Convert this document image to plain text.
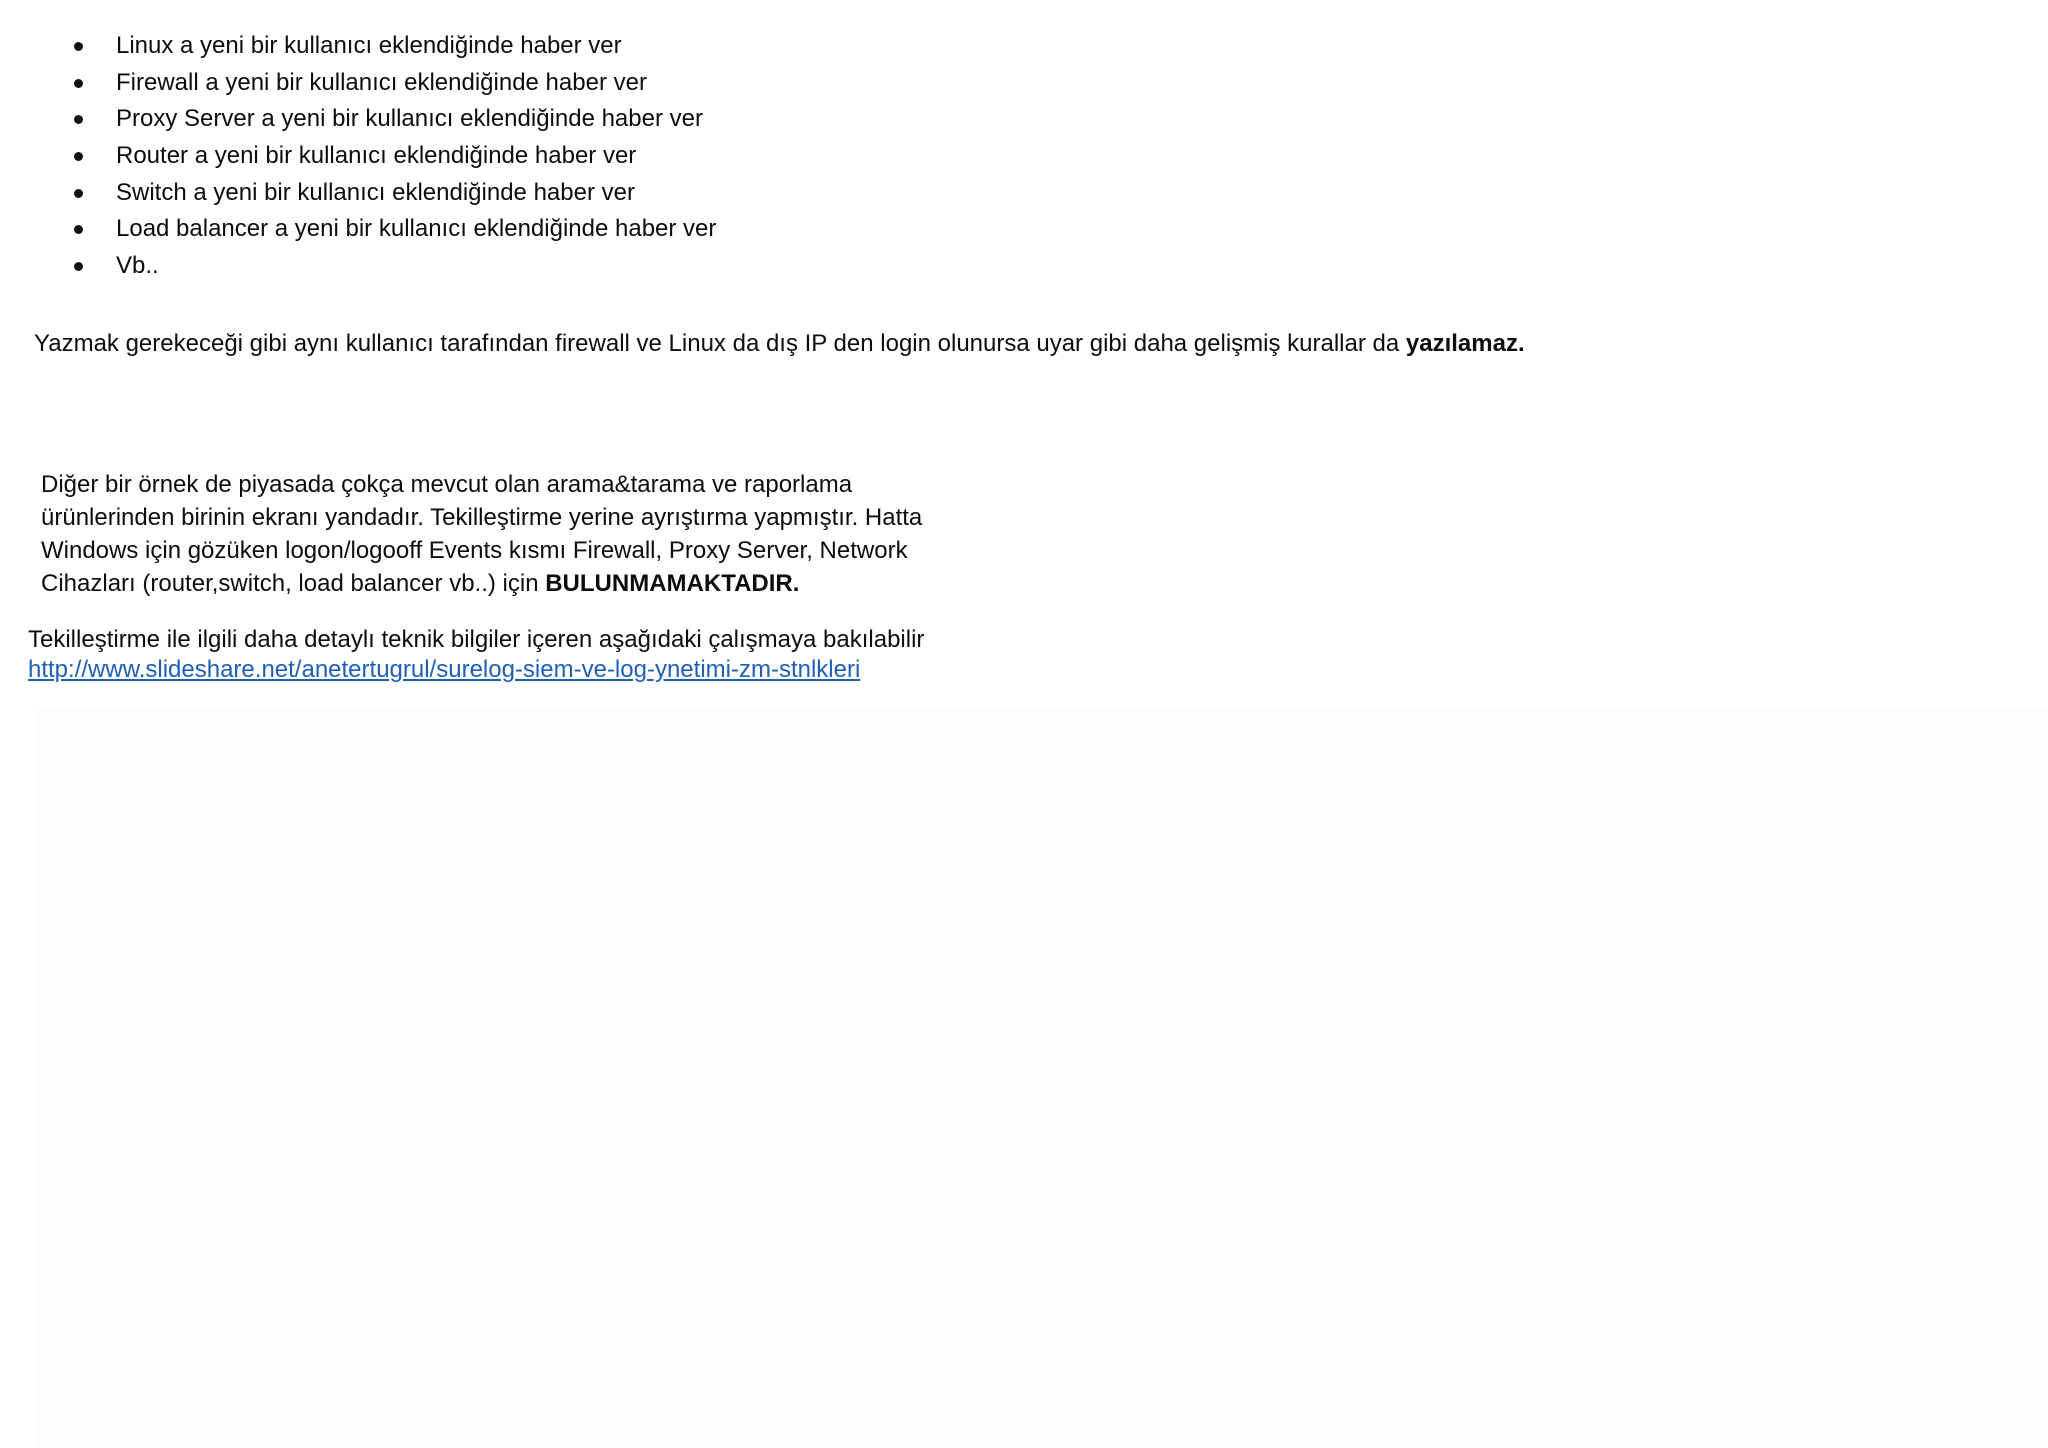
Linux a yeni bir kullanıcı eklendiğinde haber ver
Firewall a yeni bir kullanıcı eklendiğinde haber ver
Proxy Server a yeni bir kullanıcı eklendiğinde haber ver
Router a yeni bir kullanıcı eklendiğinde haber ver
Switch a yeni bir kullanıcı eklendiğinde haber ver
Load balancer a yeni bir kullanıcı eklendiğinde haber ver
Vb..

Yazmak gerekeceği gibi aynı kullanıcı tarafından firewall ve Linux da dış IP den login olunursa uyar gibi daha gelişmiş kurallar da yazılamaz.

Diğer bir örnek de piyasada çokça mevcut olan arama&tarama ve raporlama
ürünlerinden birinin ekranı yandadır. Tekilleştirme yerine ayrıştırma yapmıştır. Hatta
Windows için gözüken logon/logooff Events kısmı Firewall, Proxy Server, Network
Cihazları (router,switch, load balancer vb..) için BULUNMAMAKTADIR.

Tekilleştirme ile ilgili daha detaylı teknik bilgiler içeren aşağıdaki çalışmaya bakılabilir

http://www.slideshare.net/anetertugrul/surelog-siem-ve-log-ynetimi-zm-stnlkleri
